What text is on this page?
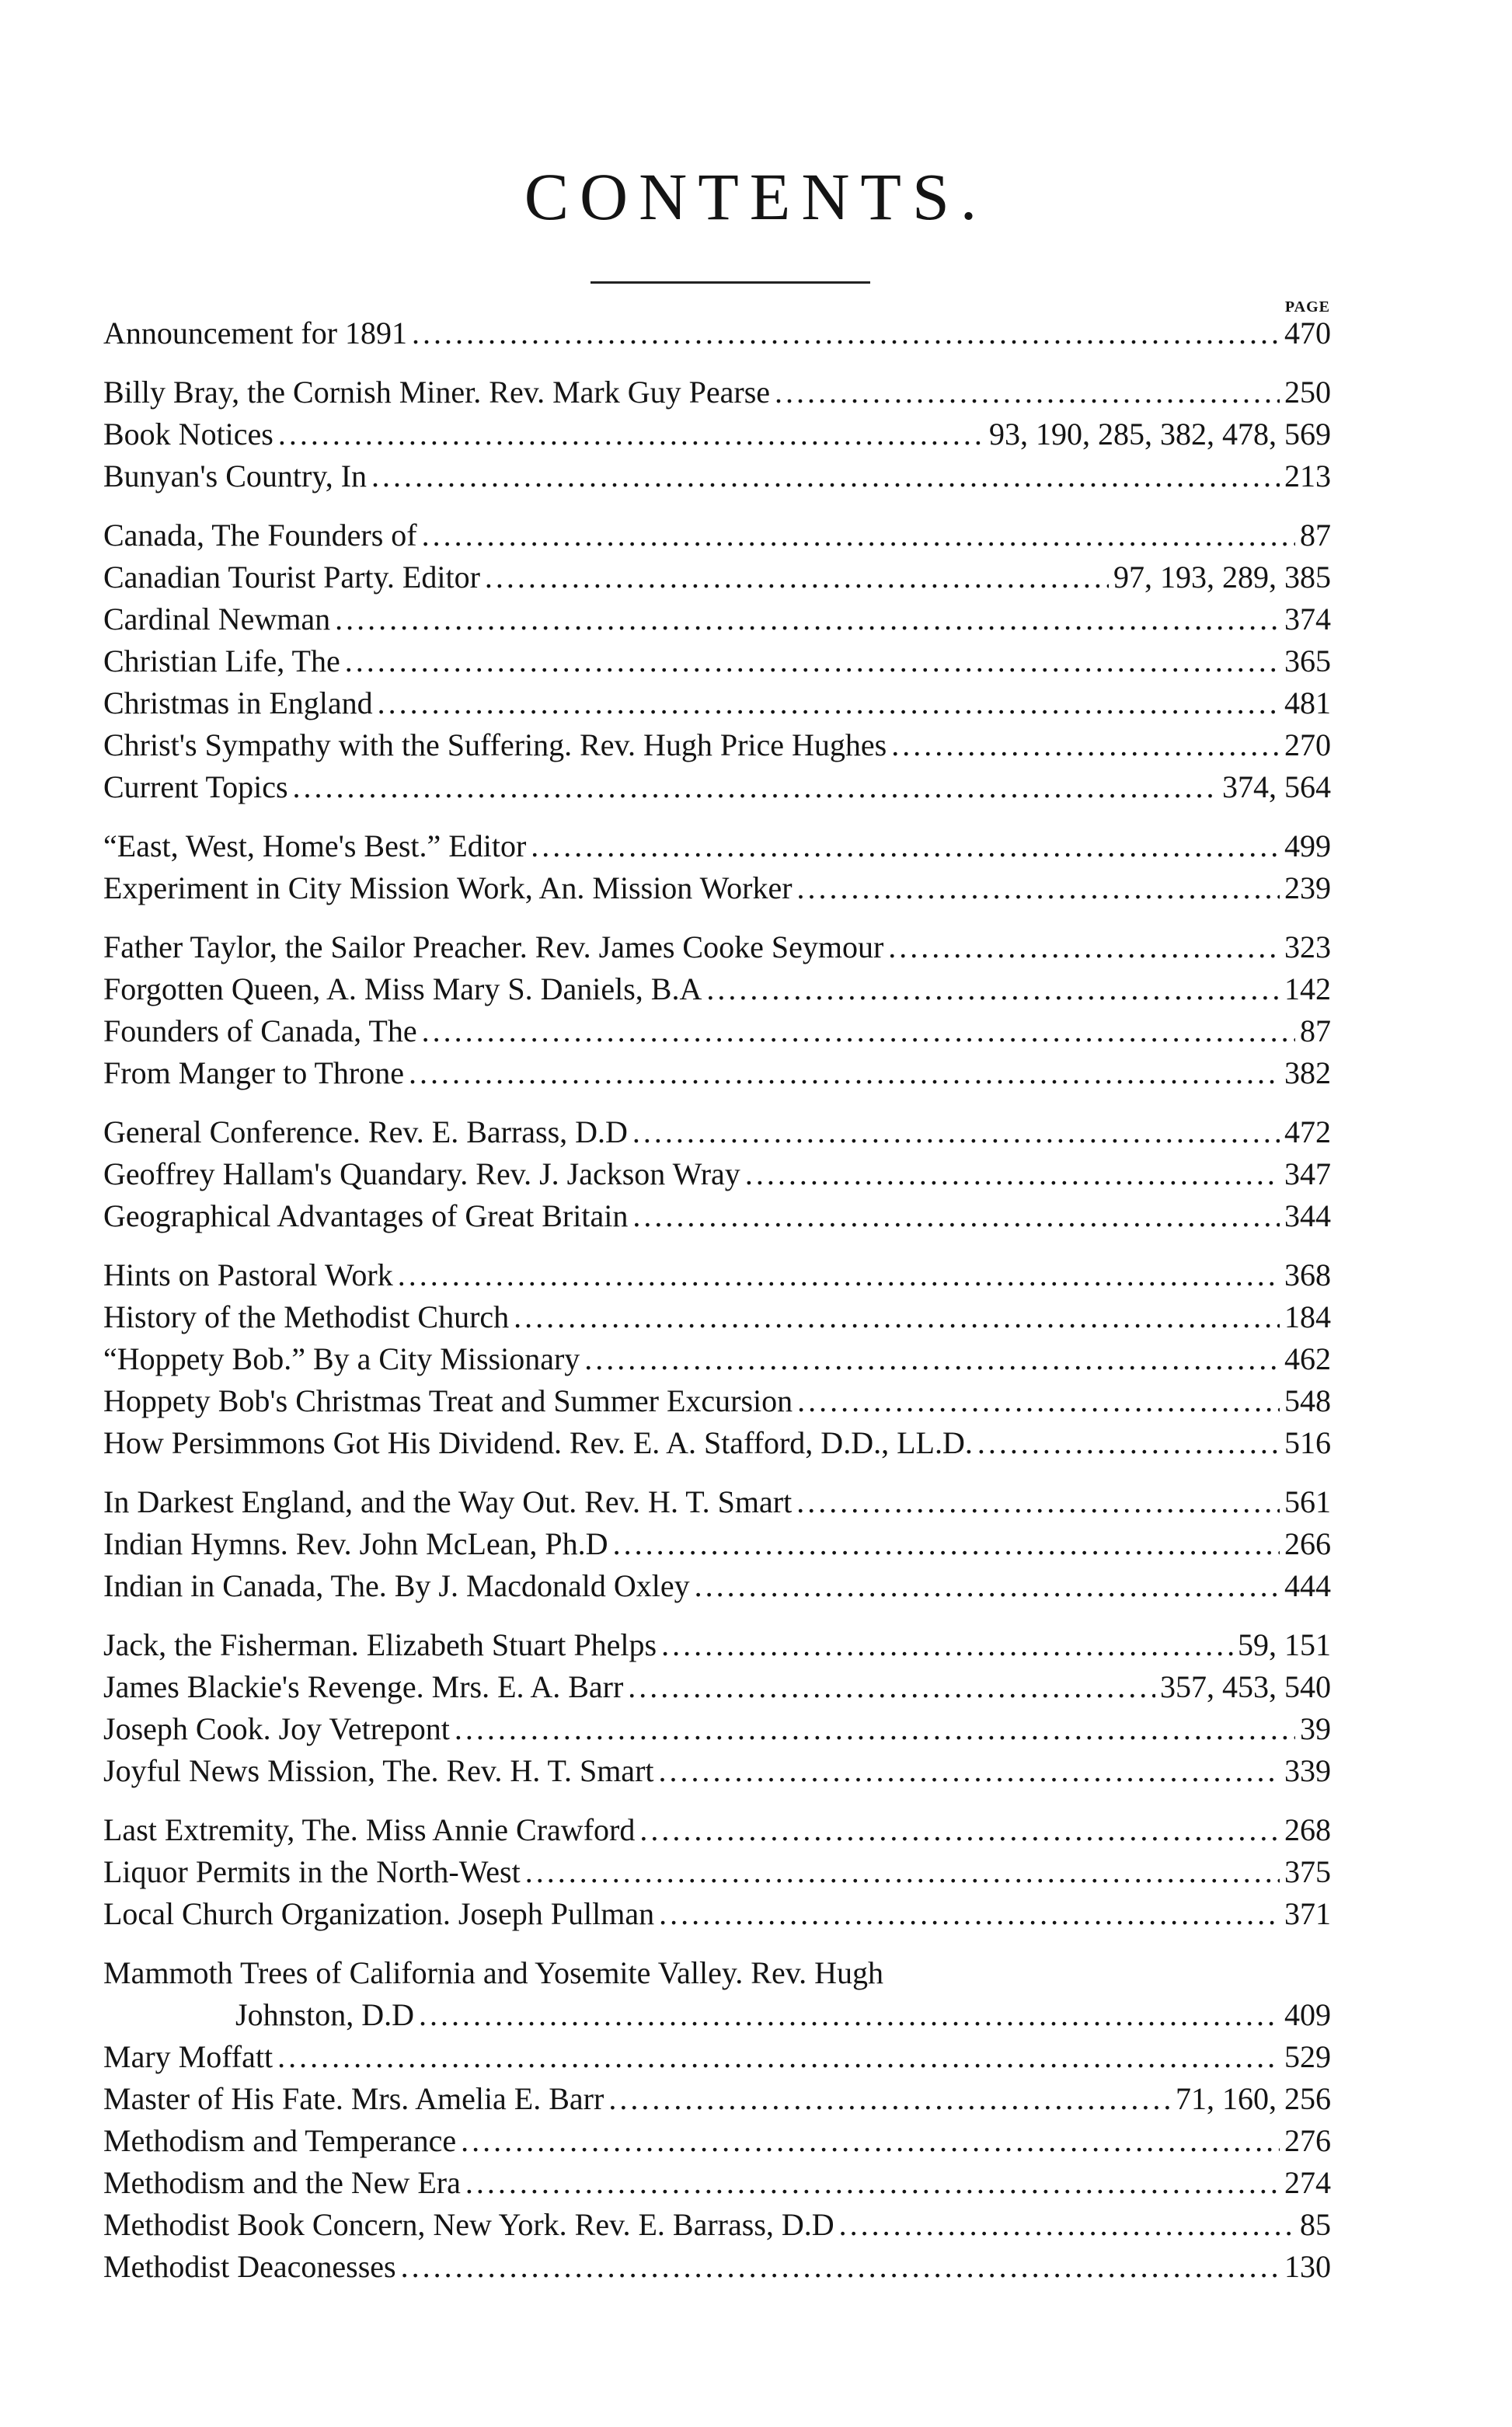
CONTENTS.
PAGE
Announcement for 1891 . . .	470
Billy Bray, the Cornish Miner. Rev. Mark Guy Pearse . . .	250
Book Notices . . .	93, 190, 285, 382, 478, 569
Bunyan's Country, In . . .	213
Canada, The Founders of . . .	87
Canadian Tourist Party. Editor . . .	97, 193, 289, 385
Cardinal Newman . . .	374
Christian Life, The . . .	365
Christmas in England . . .	481
Christ's Sympathy with the Suffering. Rev. Hugh Price Hughes . . .	270
Current Topics . . .	374, 564
“East, West, Home's Best.” Editor . . .	499
Experiment in City Mission Work, An. Mission Worker . . .	239
Father Taylor, the Sailor Preacher. Rev. James Cooke Seymour . . .	323
Forgotten Queen, A. Miss Mary S. Daniels, B.A . . .	142
Founders of Canada, The . . .	87
From Manger to Throne . . .	382
General Conference. Rev. E. Barrass, D.D . . .	472
Geoffrey Hallam's Quandary. Rev. J. Jackson Wray . . .	347
Geographical Advantages of Great Britain . . .	344
Hints on Pastoral Work . . .	368
History of the Methodist Church . . .	184
“Hoppety Bob.” By a City Missionary . . .	462
Hoppety Bob's Christmas Treat and Summer Excursion . . .	548
How Persimmons Got His Dividend. Rev. E. A. Stafford, D.D., LL.D. . . .	516
In Darkest England, and the Way Out. Rev. H. T. Smart . . .	561
Indian Hymns. Rev. John McLean, Ph.D . . .	266
Indian in Canada, The. By J. Macdonald Oxley . . .	444
Jack, the Fisherman. Elizabeth Stuart Phelps . . .	59, 151
James Blackie's Revenge. Mrs. E. A. Barr . . .	357, 453, 540
Joseph Cook. Joy Vetrepont . . .	39
Joyful News Mission, The. Rev. H. T. Smart . . .	339
Last Extremity, The. Miss Annie Crawford . . .	268
Liquor Permits in the North-West . . .	375
Local Church Organization. Joseph Pullman . . .	371
Mammoth Trees of California and Yosemite Valley. Rev. Hugh
Johnston, D.D . . .	409
Mary Moffatt . . .	529
Master of His Fate. Mrs. Amelia E. Barr . . .	71, 160, 256
Methodism and Temperance . . .	276
Methodism and the New Era . . .	274
Methodist Book Concern, New York. Rev. E. Barrass, D.D . . .	85
Methodist Deaconesses . . .	130
